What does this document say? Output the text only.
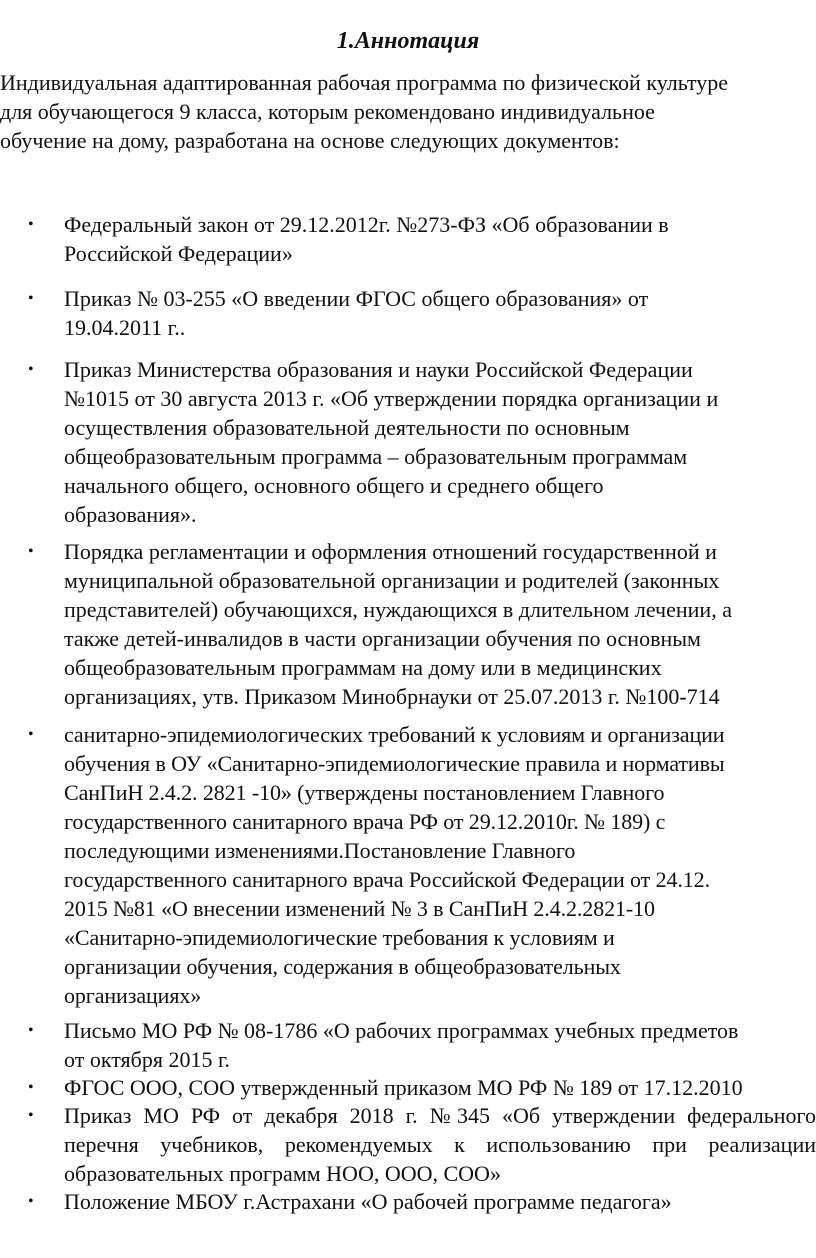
1.Аннотация
Индивидуальная адаптированная рабочая программа по физической культуре
для обучающегося 9 класса, которым рекомендовано индивидуальное
обучение на дому, разработана на основе следующих документов:
• Федеральный закон от 29.12.2012г. №273-ФЗ «Об образовании в
Российской Федерации»
• Приказ № 03-255 «О введении ФГОС общего образования» от
19.04.2011 г..
• Приказ Министерства образования и науки Российской Федерации
№1015 от 30 августа 2013 г. «Об утверждении порядка организации и
осуществления образовательной деятельности по основным
общеобразовательным программа – образовательным программам
начального общего, основного общего и среднего общего
образования».
• Порядка регламентации и оформления отношений государственной и
муниципальной образовательной организации и родителей (законных
представителей) обучающихся, нуждающихся в длительном лечении, а
также детей-инвалидов в части организации обучения по основным
общеобразовательным программам на дому или в медицинских
организациях, утв. Приказом Минобрнауки от 25.07.2013 г. №100-714
• санитарно-эпидемиологических требований к условиям и организации
обучения в ОУ «Санитарно-эпидемиологические правила и нормативы
СанПиН 2.4.2. 2821 -10» (утверждены постановлением Главного
государственного санитарного врача РФ от 29.12.2010г. № 189) с
последующими изменениями.Постановление Главного
государственного санитарного врача Российской Федерации от 24.12.
2015 №81 «О внесении изменений № 3 в СанПиН 2.4.2.2821-10
«Санитарно-эпидемиологические требования к условиям и
организации обучения, содержания в общеобразовательных
организациях»
• Письмо МО РФ № 08-1786 «О рабочих программах учебных предметов
от октября 2015 г.
• ФГОС ООО, СОО утвержденный приказом МО РФ № 189 от 17.12.2010
• Приказ МО РФ от декабря 2018 г. №345 «Об утверждении федерального
перечня учебников, рекомендуемых к использованию при реализации
образовательных программ НОО, ООО, СОО»
• Положение МБОУ г.Астрахани «О рабочей программе педагога»
